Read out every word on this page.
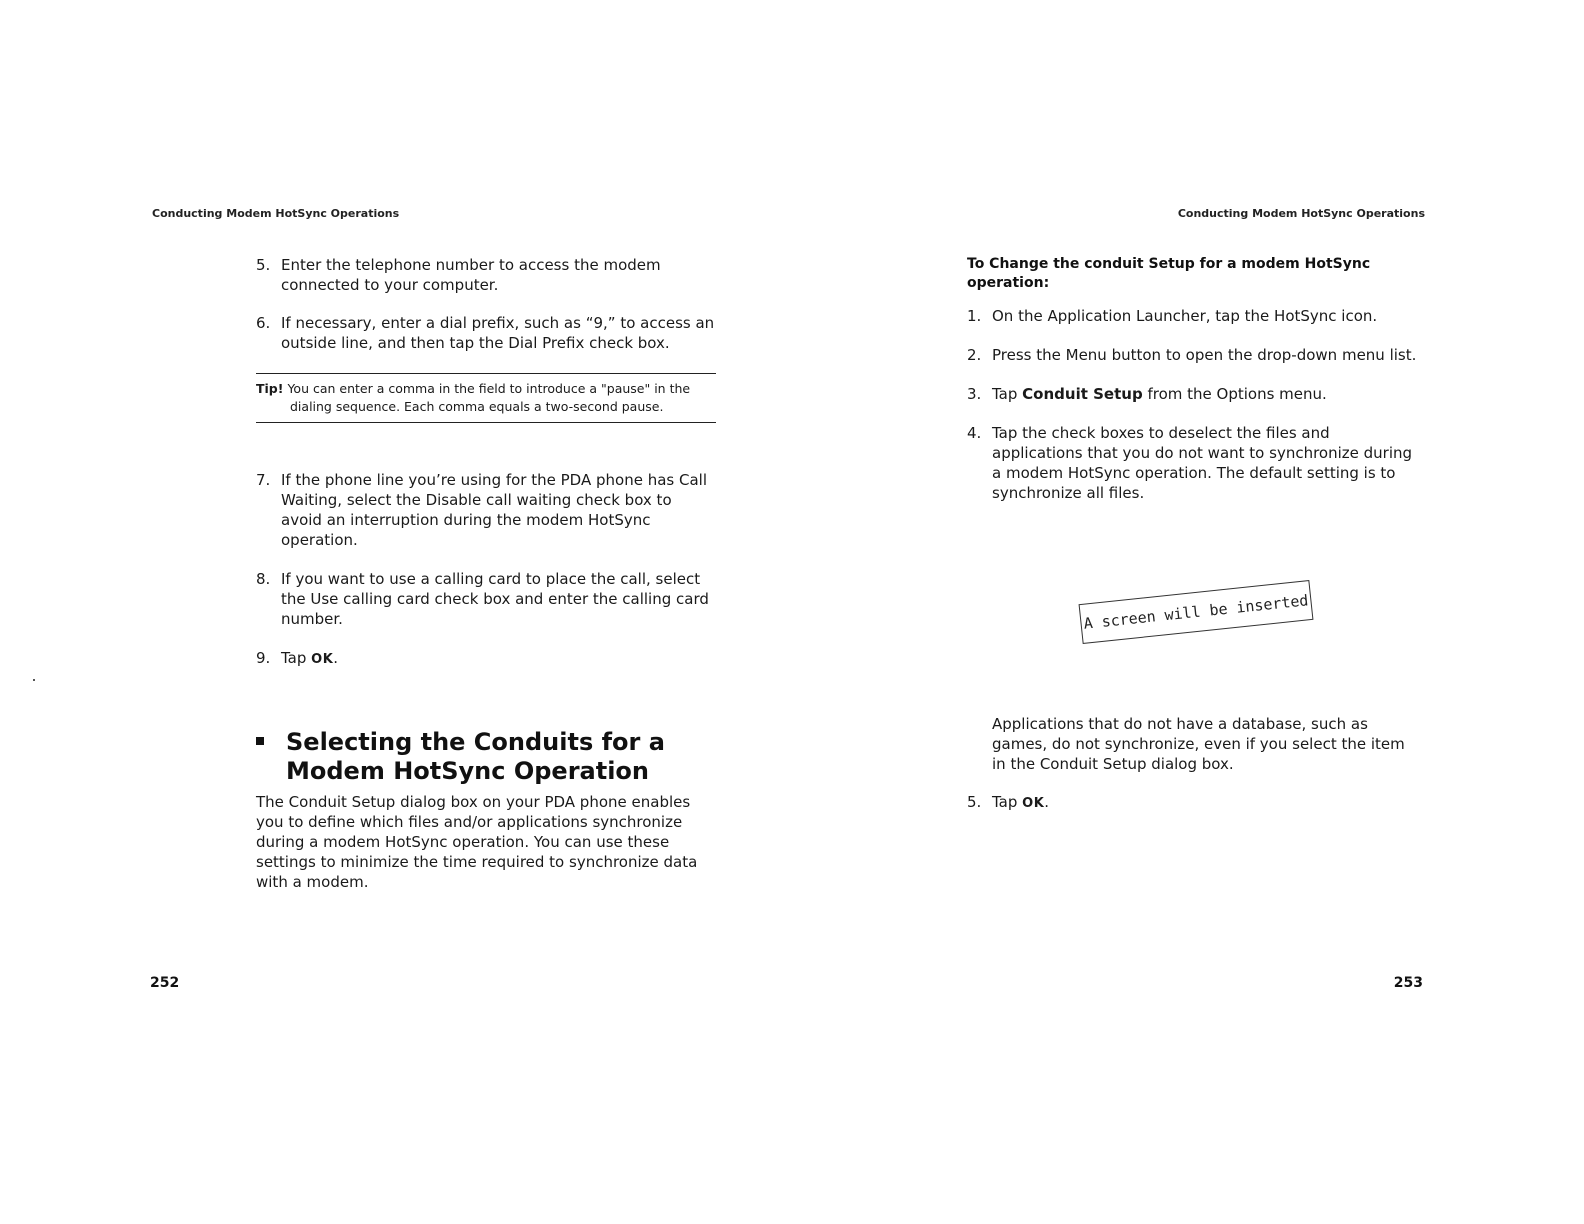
Conducting Modem HotSync Operations
5. Enter the telephone number to access the modem connected to your computer.
6. If necessary, enter a dial prefix, such as “9,” to access an outside line, and then tap the Dial Prefix check box.
Tip! You can enter a comma in the field to introduce a "pause" in the dialing sequence. Each comma equals a two-second pause.
7. If the phone line you’re using for the PDA phone has Call Waiting, select the Disable call waiting check box to avoid an interruption during the modem HotSync operation.
8. If you want to use a calling card to place the call, select the Use calling card check box and enter the calling card number.
9. Tap OK.
Selecting the Conduits for a Modem HotSync Operation

The Conduit Setup dialog box on your PDA phone enables you to define which files and/or applications synchronize during a modem HotSync operation. You can use these settings to minimize the time required to synchronize data with a modem.

252
Conducting Modem HotSync Operations

To Change the conduit Setup for a modem HotSync operation:

1. On the Application Launcher, tap the HotSync icon.
2. Press the Menu button to open the drop-down menu list.
3. Tap Conduit Setup from the Options menu.
4. Tap the check boxes to deselect the files and applications that you do not want to synchronize during a modem HotSync operation. The default setting is to synchronize all files.
A screen will be inserted

Applications that do not have a database, such as games, do not synchronize, even if you select the item in the Conduit Setup dialog box.

5. Tap OK.
253
